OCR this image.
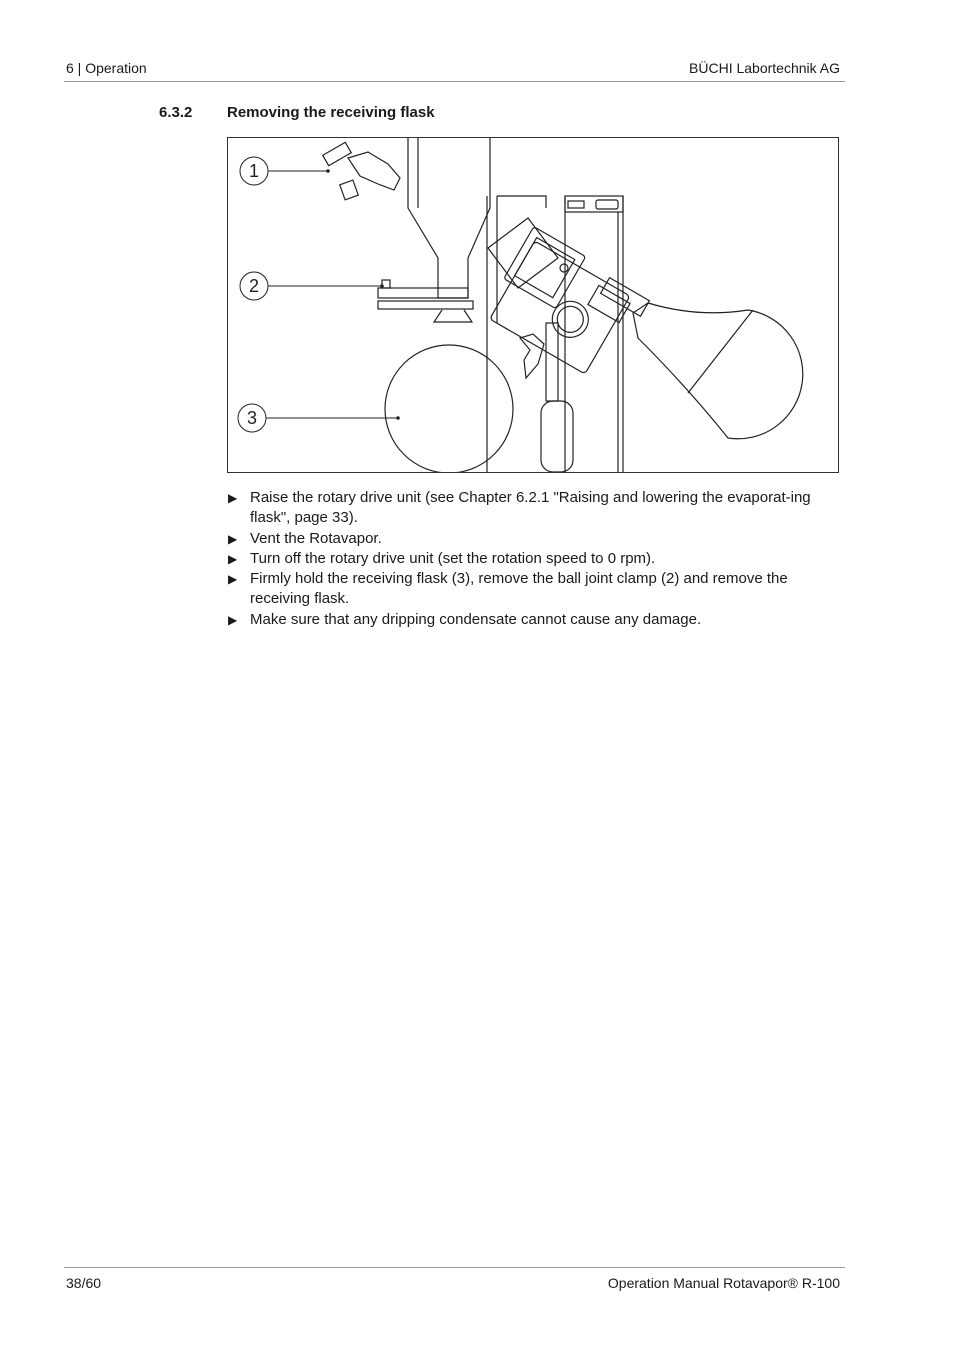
6 | Operation	BÜCHI Labortechnik AG
6.3.2 Removing the receiving flask
1
2
3
▶ Raise the rotary drive unit (see Chapter 6.2.1 "Raising and lowering the evaporat-ing flask", page 33).
▶ Vent the Rotavapor.
▶ Turn off the rotary drive unit (set the rotation speed to 0 rpm).
▶ Firmly hold the receiving flask (3), remove the ball joint clamp (2) and remove the receiving flask.
▶ Make sure that any dripping condensate cannot cause any damage.
38/60	Operation Manual Rotavapor® R-100
